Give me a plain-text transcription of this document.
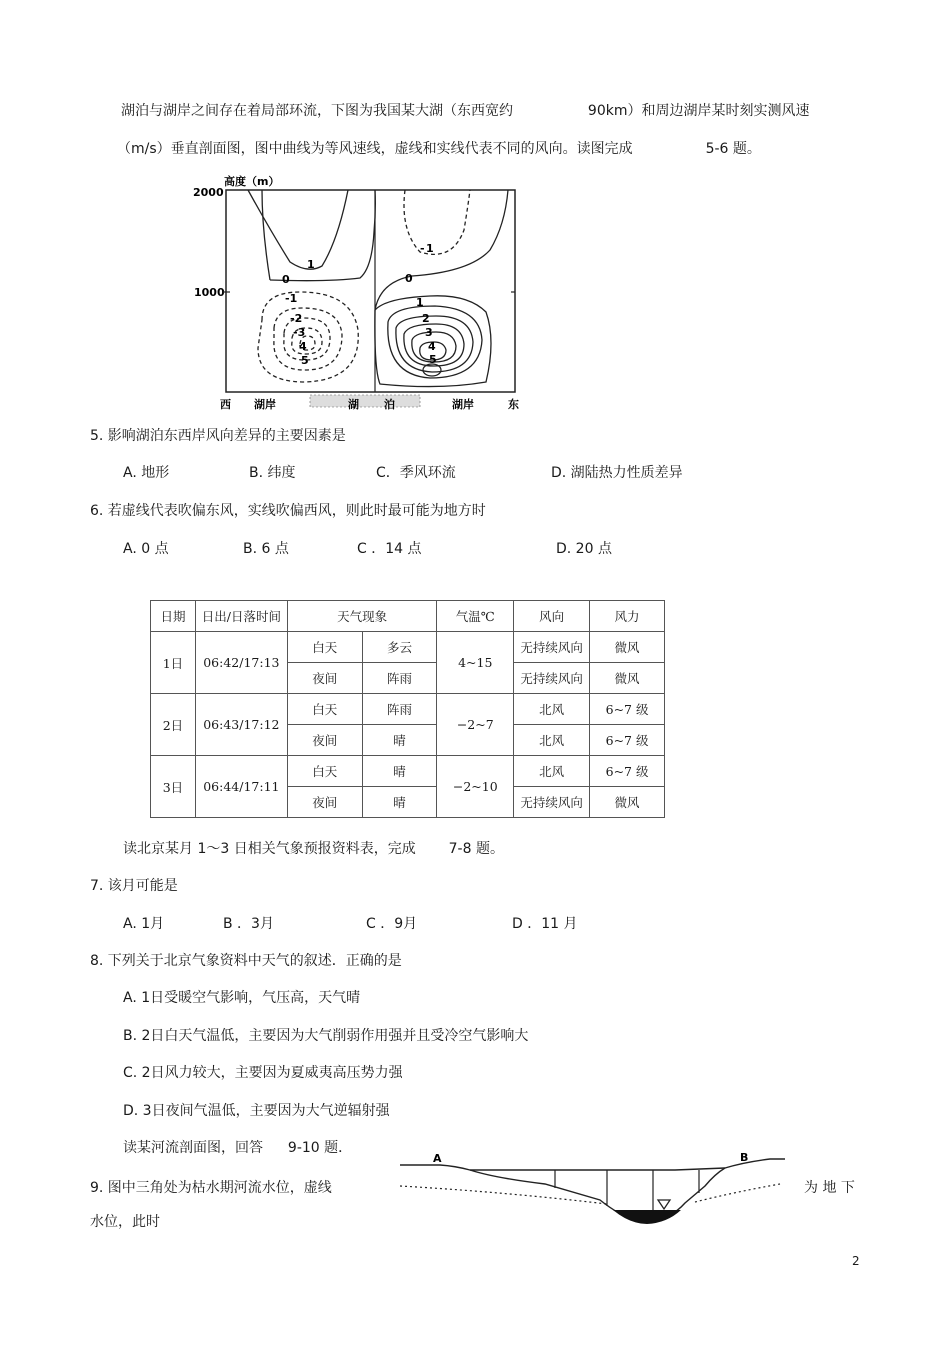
湖泊与湖岸之间存在着局部环流，下图为我国某大湖（东西宽约	90km）和周边湖岸某时刻实测风速
（m/s）垂直剖面图，图中曲线为等风速线，虚线和实线代表不同的风向。读图完成	5-6 题。
高度（m）
2000
1000	-1
-2
-3
4
5
1
0
- 1
0
1
2
3
4
5
西 湖岸	湖 泊	湖岸	东
5. 影响湖泊东西岸风向差异的主要因素是
A. 地形	B. 纬度	C．季风环流	D. 湖陆热力性质差异
6. 若虚线代表吹偏东风，实线吹偏西风，则此时最可能为地方时
A. 0 点	B. 6 点	C ．14 点	D. 20 点
日期	日出/日落时间	天气现象		气温℃	风向	风力
1日	06:42/17:13	白天	多云	4~15	无持续风向	微风
		夜间	阵雨		无持续风向	微风
2日	06:43/17:12	白天	阵雨	−2~7	北风	6~7 级
		夜间	晴		北风	6~7 级
3日	06:44/17:11	白天	晴	−2~10	北风	6~7 级
		夜间	晴		无持续风向	微风
读北京某月 1～3 日相关气象预报资料表，完成 7-8 题。
7. 该月可能是
A. 1月	B ．3月	C ．9月	D ．11 月
8. 下列关于北京气象资料中天气的叙述．正确的是
A. 1日受暖空气影响，气压高，天气晴
B. 2日白天气温低，主要因为大气削弱作用强并且受冷空气影响大
C. 2日风力较大，主要因为夏威夷高压势力强
D. 3日夜间气温低，主要因为大气逆辐射强
读某河流剖面图，回答 9-10 题．
9. 图中三角处为枯水期河流水位，虚线	为 地 下
水位，此时
A	B
2
